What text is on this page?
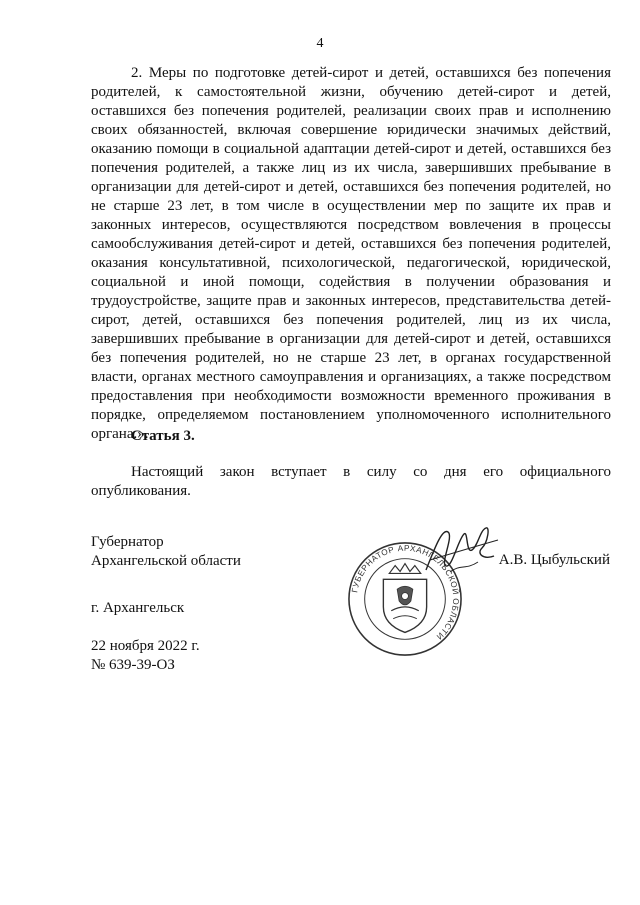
4

2. Меры по подготовке детей-сирот и детей, оставшихся без попечения родителей, к самостоятельной жизни, обучению детей-сирот и детей, оставшихся без попечения родителей, реализации своих прав и исполнению своих обязанностей, включая совершение юридически значимых действий, оказанию помощи в социальной адаптации детей-сирот и детей, оставшихся без попечения родителей, а также лиц из их числа, завершивших пребывание в организации для детей-сирот и детей, оставшихся без попечения родителей, но не старше 23 лет, в том числе в осуществлении мер по защите их прав и законных интересов, осуществляются посредством вовлечения в процессы самообслуживания детей-сирот и детей, оставшихся без попечения родителей, оказания консультативной, психологической, педагогической, юридической, социальной и иной помощи, содействия в получении образования и трудоустройстве, защите прав и законных интересов, представительства детей-сирот, детей, оставшихся без попечения родителей, лиц из их числа, завершивших пребывание в организации для детей-сирот и детей, оставшихся без попечения родителей, но не старше 23 лет, в органах государственной власти, органах местного самоуправления и организациях, а также посредством предоставления при необходимости возможности временного проживания в порядке, определяемом постановлением уполномоченного исполнительного органа.».

Статья 3.

Настоящий закон вступает в силу со дня его официального опубликования.

Губернатор
Архангельской области
ГУБЕРНАТОР АРХАНГЕЛЬСКОЙ ОБЛАСТИ
А.В. Цыбульский
г. Архангельск
22 ноября 2022 г.
№ 639-39-ОЗ
